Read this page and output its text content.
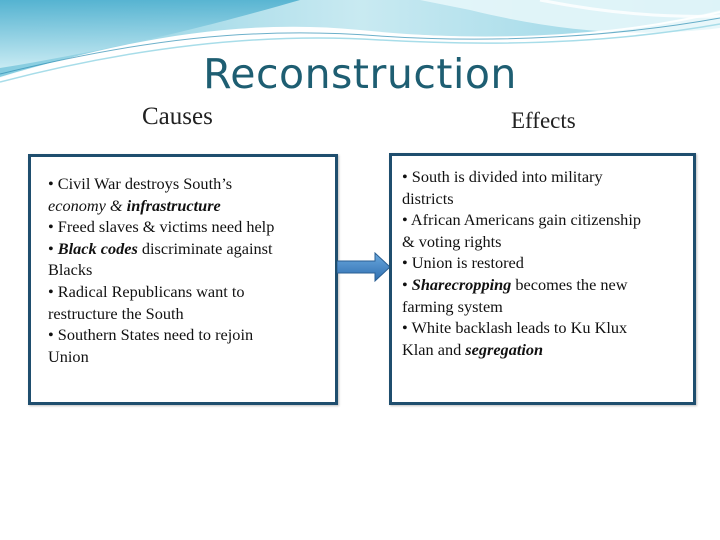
Reconstruction
Causes	Effects
• Civil War destroys South’s
economy & infrastructure
• Freed slaves & victims need help
• Black codes discriminate against
Blacks
• Radical Republicans want to
restructure the South
• Southern States need to rejoin
Union
• South is divided into military
districts
• African Americans gain citizenship
& voting rights
• Union is restored
• Sharecropping becomes the new
farming system
• White backlash leads to Ku Klux
Klan and segregation
